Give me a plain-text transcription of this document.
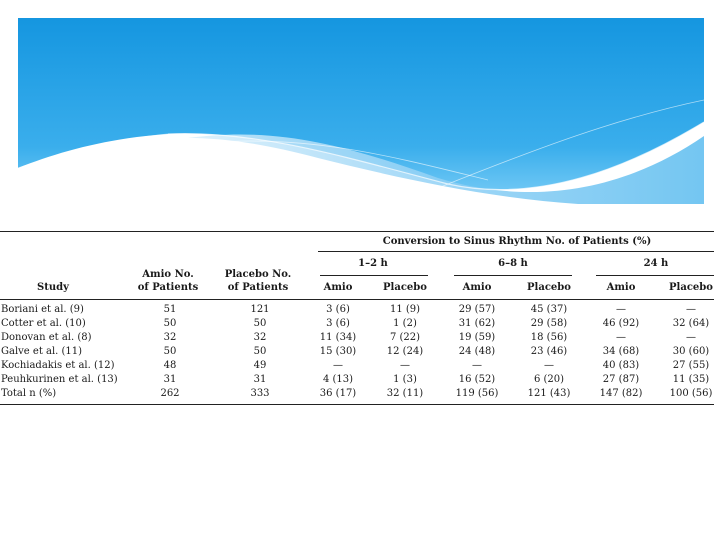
Conversion to Sinus Rhythm No. of Patients (%)
1–2 h	6–8 h	24 h
Study
Amio No.
of Patients
Placebo No.
of Patients	Amio	Placebo	Amio	Placebo	Amio	Placebo
Boriani et al. (9)	51	121	3 (6)	11 (9)	29 (57)	45 (37)	—	—
Cotter et al. (10)	50	50	3 (6)	1 (2)	31 (62)	29 (58)	46 (92)	32 (64)
Donovan et al. (8)	32	32	11 (34)	7 (22)	19 (59)	18 (56)	—	—
Galve et al. (11)	50	50	15 (30)	12 (24)	24 (48)	23 (46)	34 (68)	30 (60)
Kochiadakis et al. (12)	48	49	—	—	—	—	40 (83)	27 (55)
Peuhkurinen et al. (13)	31	31	4 (13)	1 (3)	16 (52)	6 (20)	27 (87)	11 (35)
Total n (%)	262	333	36 (17)	32 (11)	119 (56)	121 (43)	147 (82)	100 (56)
